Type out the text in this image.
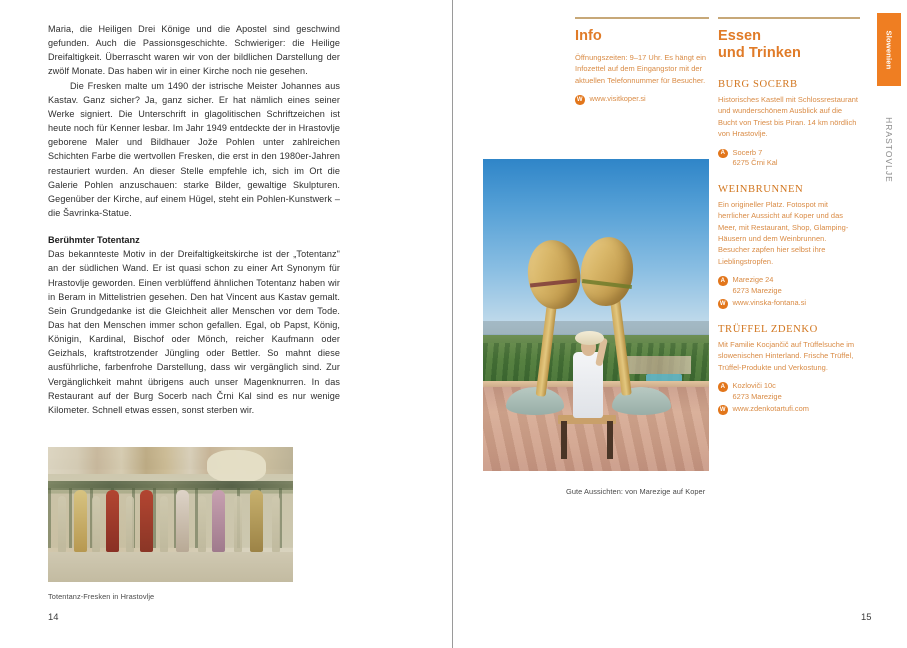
Maria, die Heiligen Drei Könige und die Apostel sind geschwind gefunden. Auch die Passionsgeschichte. Schwieriger: die Heilige Dreifaltigkeit. Überrascht waren wir von der bildlichen Darstellung der zwölf Monate. Das haben wir in einer Kirche noch nie gesehen.

Die Fresken malte um 1490 der istrische Meister Johannes aus Kastav. Ganz sicher? Ja, ganz sicher. Er hat nämlich eines seiner Werke signiert. Die Unterschrift in glagolitischen Schriftzeichen ist heute noch für Kenner lesbar. Im Jahr 1949 entdeckte der in Hrastovlje geborene Maler und Bildhauer Jože Pohlen unter zahlreichen Schichten Farbe die wertvollen Fresken, die erst in den 1980er-Jahren restauriert wurden. An dieser Stelle empfehle ich, sich im Ort die Galerie Pohlen anzuschauen: starke Bilder, gewaltige Skulpturen. Gegenüber der Kirche, auf einem Hügel, steht ein Pohlen-Kunstwerk – die Šavrinka-Statue.

Berühmter Totentanz

Das bekannteste Motiv in der Dreifaltigkeitskirche ist der „Totentanz" an der südlichen Wand. Er ist quasi schon zu einer Art Synonym für Hrastovlje geworden. Einen verblüffend ähnlichen Totentanz haben wir in Beram in Mittelistrien gesehen. Den hat Vincent aus Kastav gemalt. Sein Grundgedanke ist die Gleichheit aller Menschen vor dem Tode. Das hat den Menschen immer schon gefallen. Egal, ob Papst, König, Königin, Kardinal, Bischof oder Mönch, reicher Kaufmann oder Geizhals, kraftstrotzender Jüngling oder Bettler. So mahnt diese ausführliche, farbenfrohe Darstellung, dass wir vergänglich sind. Zur Vergänglichkeit mahnt übrigens auch unser Magenknurren. In das Restaurant auf der Burg Socerb nach Črni Kal sind es nur wenige Kilometer. Schnell etwas essen, sonst sterben wir.

Totentanz-Fresken in Hrastovlje
14
Info

Öffnungszeiten: 9–17 Uhr. Es hängt ein Infozettel auf dem Eingangstor mit der aktuellen Telefonnummer für Besucher.

W www.visitkoper.si
Essen
und Trinken
BURG SOCERB

Historisches Kastell mit Schlossrestaurant und wunderschönem Ausblick auf die Bucht von Triest bis Piran. 14 km nördlich von Hrastovlje.

A	Socerb 7
6275 Črni Kal
WEINBRUNNEN

Ein origineller Platz. Fotospot mit herrlicher Aussicht auf Koper und das Meer, mit Restaurant, Shop, Glamping-Häusern und dem Weinbrunnen. Besucher zapfen hier selbst ihre Lieblingstropfen.

A	Marezige 24
6273 Marezige
W www.vinska-fontana.si
TRÜFFEL ZDENKO

Mit Familie Kocjančič auf Trüffelsuche im slowenischen Hinterland. Frische Trüffel, Trüffel-Produkte und Verkostung.

A	Kozloviči 10c
6273 Marezige
W www.zdenkotartufi.com
Gute Aussichten: von Marezige auf Koper
15
Slowenien
HRASTOVLJE
